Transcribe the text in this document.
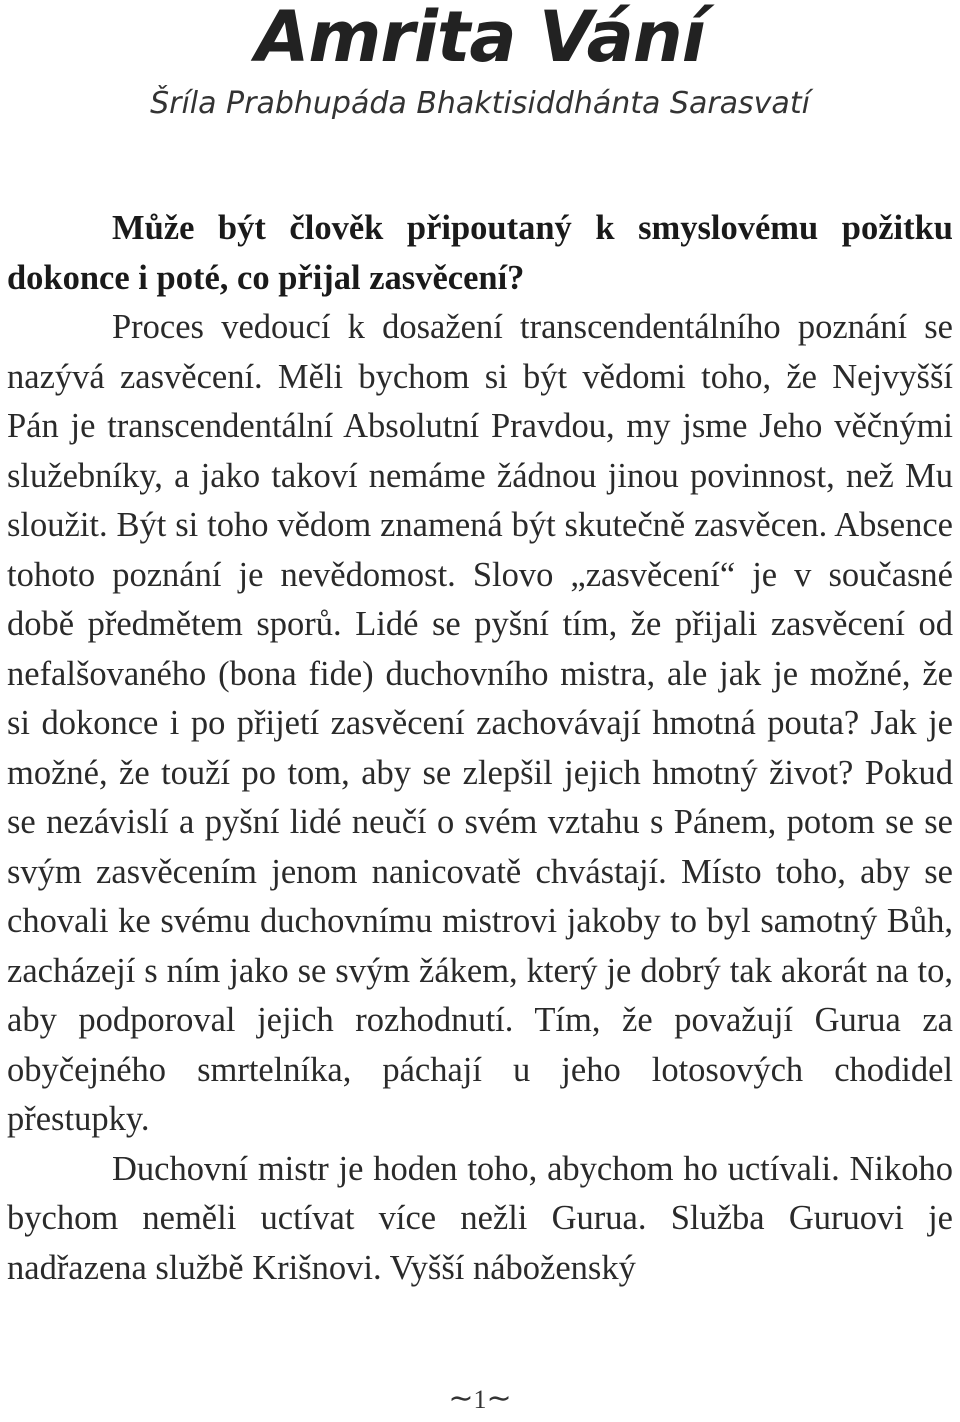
Amrita Vání
Šríla Prabhupáda Bhaktisiddhánta Sarasvatí

Může být člověk připoutaný k smyslovému požitku dokonce i poté, co přijal zasvěcení?

Proces vedoucí k dosažení transcendentálního poznání se nazývá zasvěcení. Měli bychom si být vědomi toho, že Nejvyšší Pán je transcendentální Absolutní Pravdou, my jsme Jeho věčnými služebníky, a jako takoví nemáme žádnou jinou povinnost, než Mu sloužit. Být si toho vědom znamená být skutečně zasvěcen. Absence tohoto poznání je nevědomost. Slovo „zasvěcení“ je v současné době předmětem sporů. Lidé se pyšní tím, že přijali zasvěcení od nefalšovaného (bona fide) duchovního mistra, ale jak je možné, že si dokonce i po přijetí zasvěcení zachovávají hmotná pouta? Jak je možné, že touží po tom, aby se zlepšil jejich hmotný život? Pokud se nezávislí a pyšní lidé neučí o svém vztahu s Pánem, potom se se svým zasvěcením jenom nanicovatě chvástají. Místo toho, aby se chovali ke svému duchovnímu mistrovi jakoby to byl samotný Bůh, zacházejí s ním jako se svým žákem, který je dobrý tak akorát na to, aby podporoval jejich rozhodnutí. Tím, že považují Gurua za obyčejného smrtelníka, páchají u jeho lotosových chodidel přestupky.

Duchovní mistr je hoden toho, abychom ho uctívali. Nikoho bychom neměli uctívat více nežli Gurua. Služba Guruovi je nadřazena službě Krišnovi. Vyšší náboženský

∼1∼
